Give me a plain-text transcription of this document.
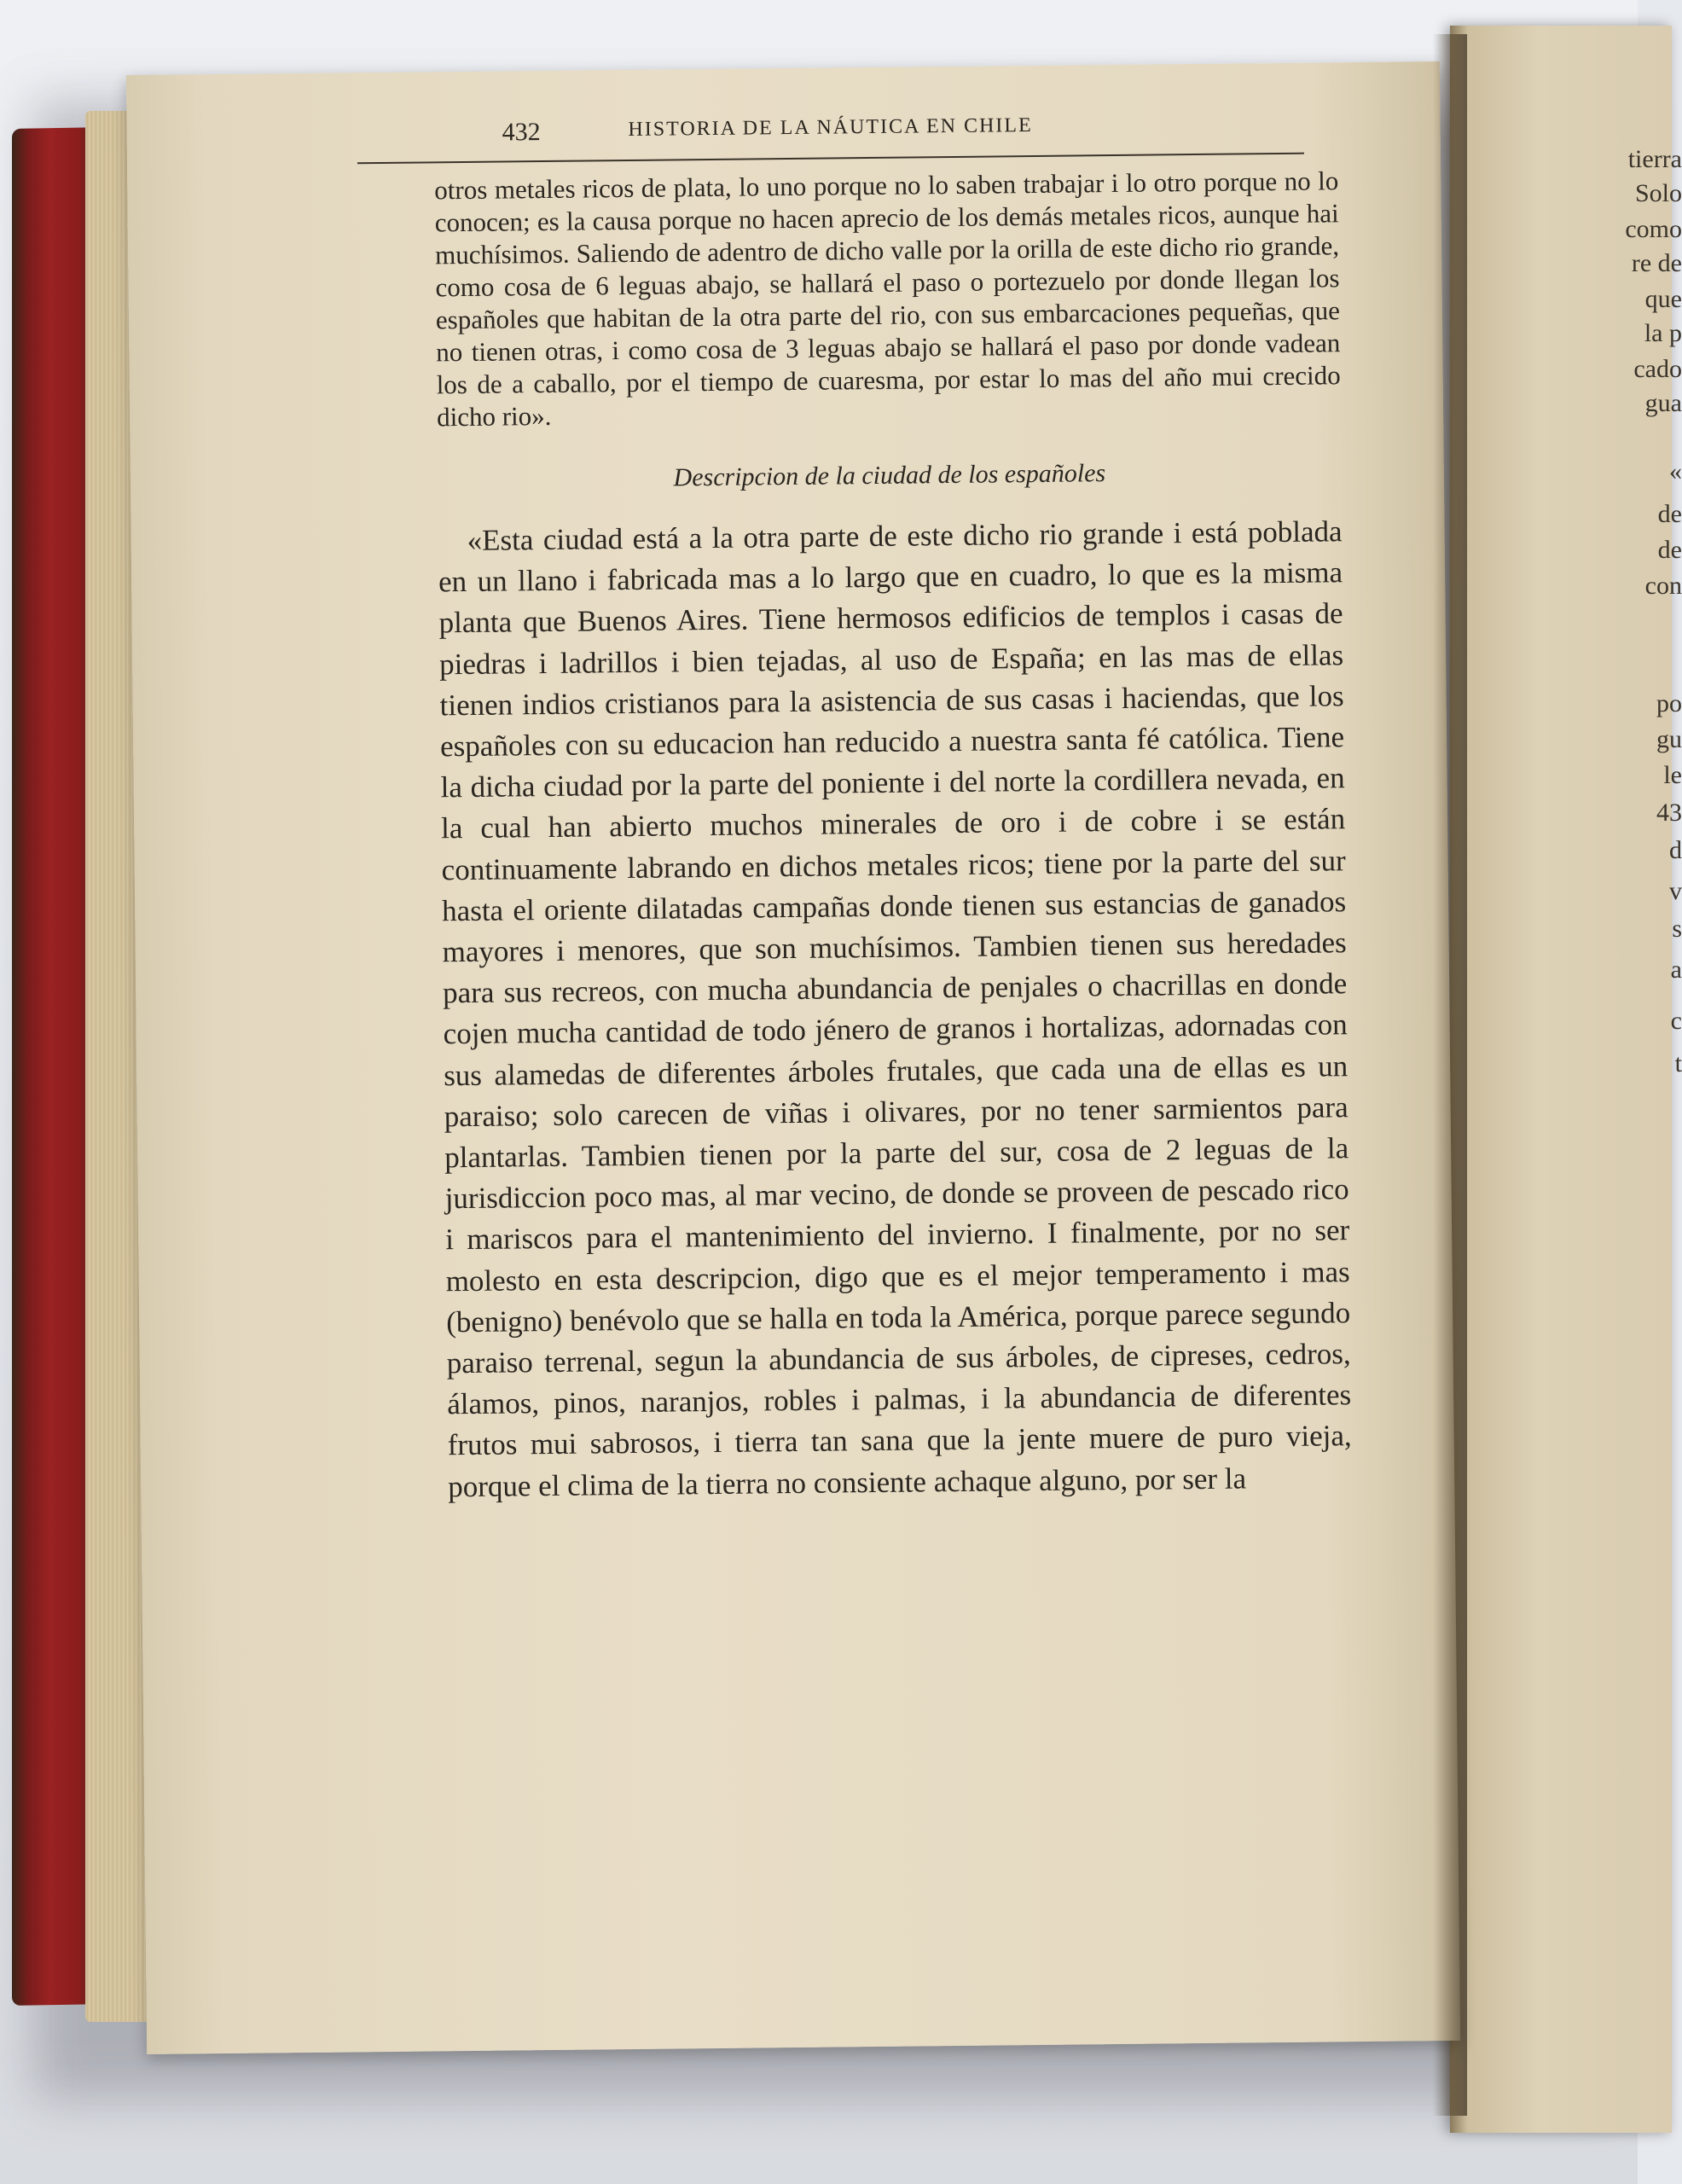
tierra
Solo
como
re de
que
la p
cado
gua
«
de
de
con
po
gu
le
43
d
v
s
a
c
t
432	HISTORIA DE LA NÁUTICA EN CHILE

otros metales ricos de plata, lo uno porque no lo saben trabajar i lo otro porque no lo conocen; es la causa porque no hacen aprecio de los demás metales ricos, aunque hai muchísimos. Saliendo de adentro de dicho valle por la orilla de este dicho rio grande, como cosa de 6 leguas abajo, se hallará el paso o portezuelo por donde llegan los españoles que habitan de la otra parte del rio, con sus embarcaciones pequeñas, que no tienen otras, i como cosa de 3 leguas abajo se hallará el paso por donde vadean los de a caballo, por el tiempo de cuaresma, por estar lo mas del año mui crecido dicho rio».

Descripcion de la ciudad de los españoles

«Esta ciudad está a la otra parte de este dicho rio grande i está poblada en un llano i fabricada mas a lo largo que en cuadro, lo que es la misma planta que Buenos Aires. Tiene hermosos edificios de templos i casas de piedras i ladrillos i bien tejadas, al uso de España; en las mas de ellas tienen indios cristianos para la asistencia de sus casas i haciendas, que los españoles con su educacion han reducido a nuestra santa fé católica. Tiene la dicha ciudad por la parte del poniente i del norte la cordillera nevada, en la cual han abierto muchos minerales de oro i de cobre i se están continuamente labrando en dichos metales ricos; tiene por la parte del sur hasta el oriente dilatadas campañas donde tienen sus estancias de ganados mayores i menores, que son muchísimos. Tambien tienen sus heredades para sus recreos, con mucha abundancia de penjales o chacrillas en donde cojen mucha cantidad de todo jénero de granos i hortalizas, adornadas con sus alamedas de diferentes árboles frutales, que cada una de ellas es un paraiso; solo carecen de viñas i olivares, por no tener sarmientos para plantarlas. Tambien tienen por la parte del sur, cosa de 2 leguas de la jurisdiccion poco mas, al mar vecino, de donde se proveen de pescado rico i mariscos para el mantenimiento del invierno. I finalmente, por no ser molesto en esta descripcion, digo que es el mejor temperamento i mas (benigno) benévolo que se halla en toda la América, porque parece segundo paraiso terrenal, segun la abundancia de sus árboles, de cipreses, cedros, álamos, pinos, naranjos, robles i palmas, i la abundancia de diferentes frutos mui sabrosos, i tierra tan sana que la jente muere de puro vieja, porque el clima de la tierra no consiente achaque alguno, por ser la
